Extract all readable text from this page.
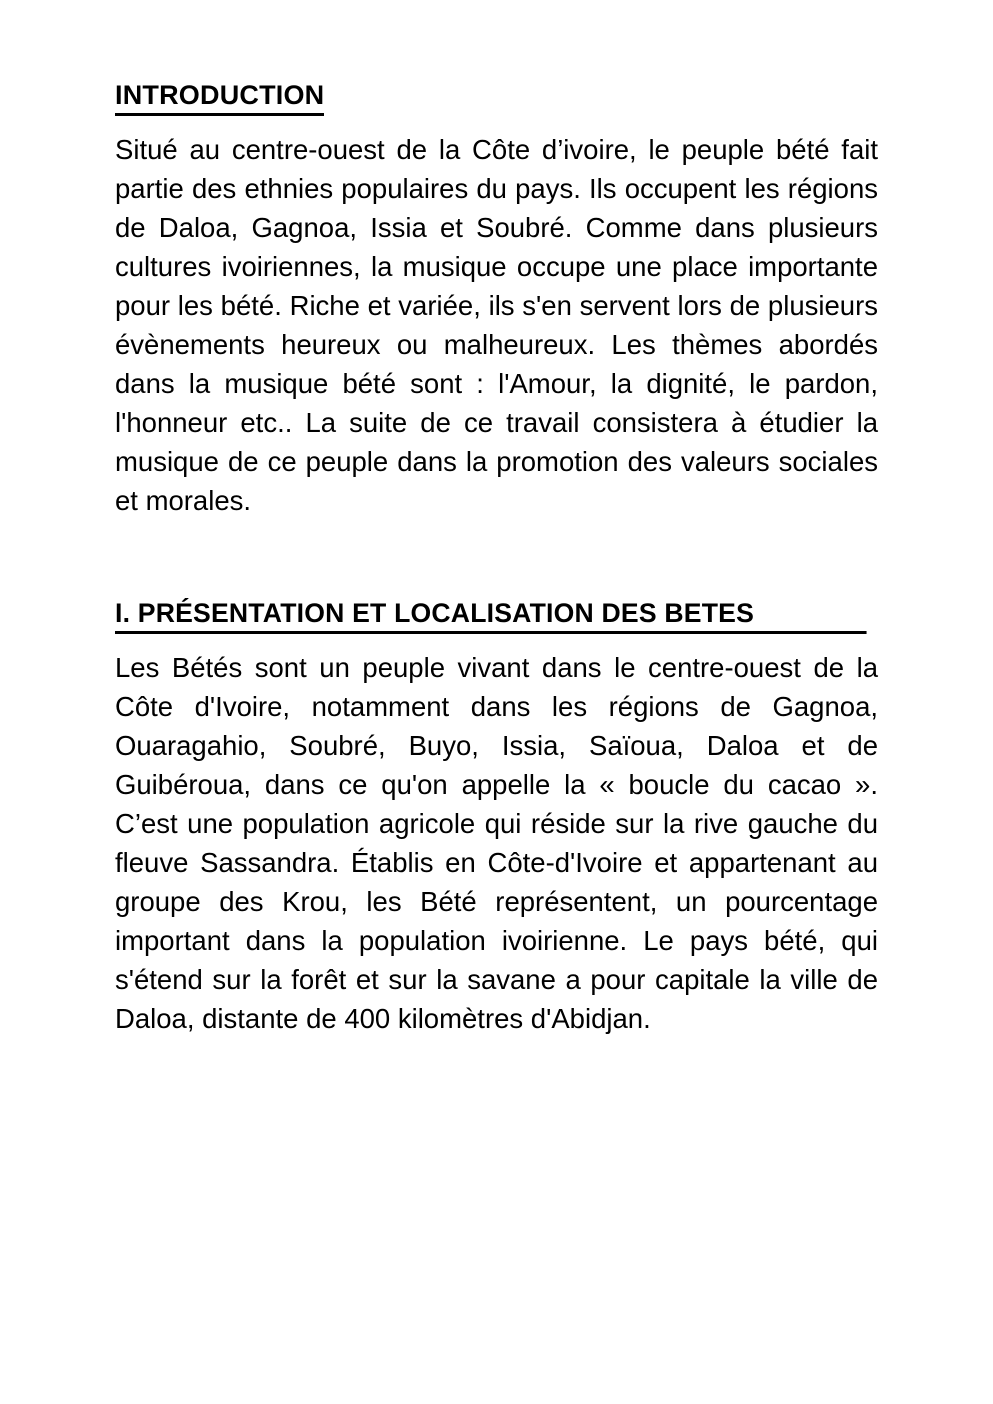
INTRODUCTION

Situé au centre-ouest de la Côte d’ivoire, le peuple bété fait partie des ethnies populaires du pays. Ils occupent les régions de Daloa, Gagnoa, Issia et Soubré. Comme dans plusieurs cultures ivoiriennes, la musique occupe une place importante pour les bété. Riche et variée, ils s'en servent lors de plusieurs évènements heureux ou malheureux. Les thèmes abordés dans la musique bété sont : l'Amour, la dignité, le pardon, l'honneur etc.. La suite de ce travail consistera à étudier la musique de ce peuple dans la promotion des valeurs sociales et morales.

I. PRÉSENTATION ET LOCALISATION DES BETES

Les Bétés sont un peuple vivant dans le centre-ouest de la Côte d'Ivoire, notamment dans les régions de Gagnoa, Ouaragahio, Soubré, Buyo, Issia, Saïoua, Daloa et de Guibéroua, dans ce qu'on appelle la « boucle du cacao ». C’est une population agricole qui réside sur la rive gauche du fleuve Sassandra. Établis en Côte-d'Ivoire et appartenant au groupe des Krou, les Bété représentent, un pourcentage important dans la population ivoirienne. Le pays bété, qui s'étend sur la forêt et sur la savane a pour capitale la ville de Daloa, distante de 400 kilomètres d'Abidjan.
